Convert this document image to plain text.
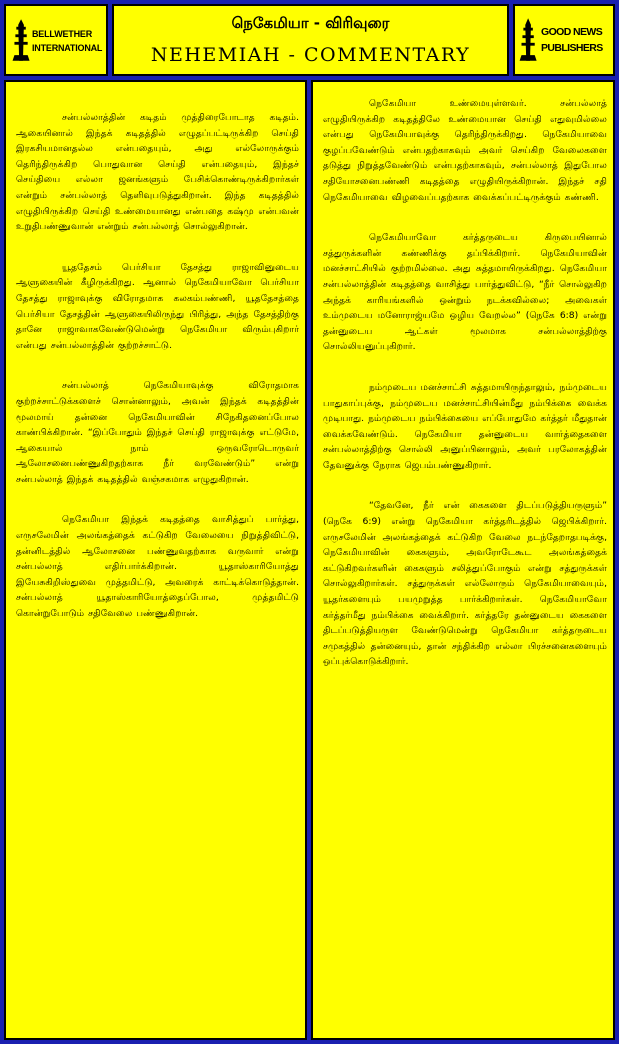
BELLWETHER
INTERNATIONAL
நெகேமியா - விரிவுரை
NEHEMIAH - COMMENTARY
GOOD NEWS
PUBLISHERS

சன்பல்லாத்தின் கடிதம் முத்திரைபோடாத கடிதம். ஆகையினால் இந்தக் கடிதத்தில் எழுதப்பட்டிருக்கிற செய்தி இரகசியமானதல்ல என்பதையும், அது எல்லோருக்கும் தெரிந்திருக்கிற பொதுவான செய்தி என்பதையும், இந்தச் செய்தியை எல்லா ஜனங்களும் பேசிக்கொண்டிருக்கிறார்கள் என்றும் சன்பல்லாத் தெளிவுபடுத்துகிறான். இந்த கடிதத்தில் எழுதியிருக்கிற செய்தி உண்மையானது என்பதை கஷ்மு என்பவன் உறுதிபண்ணுவான் என்றும் சன்பல்லாத் சொல்லுகிறான்.

யூததேசம் பெர்சியா தேசத்து ராஜாவினுடைய ஆளுகையின் கீழிருக்கிறது. ஆனால் நெகேமியாவோ பெர்சியா தேசத்து ராஜாவுக்கு விரோதமாக கலகம்பண்ணி, யூததேசத்தை பெர்சியா தேசத்தின் ஆளுகையிலிருந்து பிரித்து, அந்த தேசத்திற்கு தானே ராஜாவாகவேண்டுமென்று நெகேமியா விரும்புகிறார் என்பது சன்பல்லாத்தின் குற்றச்சாட்டு.

சன்பல்லாத் நெகேமியாவுக்கு விரோதமாக குற்றச்சாட்டுக்களைச் சொன்னாலும், அவன் இந்தக் கடிதத்தின் மூலமாய் தன்னை நெகேமியாவின் சிநேகிதனைப்போல காண்பிக்கிறான். “இப்போதும் இந்தச் செய்தி ராஜாவுக்கு எட்டுமே, ஆகையால் நாம் ஒருவரோடொருவர் ஆலோசனைபண்ணுகிறதற்காக நீர் வரவேண்டும்” என்று சன்பல்லாத் இந்தக் கடிதத்தில் வஞ்சகமாக எழுதுகிறான்.

நெகேமியா இந்தக் கடிதத்தை வாசித்துப் பார்த்து, எருசலேமின் அலங்கத்தைக் கட்டுகிற வேலையை நிறுத்திவிட்டு, தன்னிடத்தில் ஆலோசனை பண்ணுவதற்காக வருவார் என்று சன்பல்லாத் எதிர்பார்க்கிறான். யூதாஸ்காரியோத்து இயேசுகிறிஸ்துவை முத்தமிட்டு, அவரைக் காட்டிக்கொடுத்தான். சன்பல்லாத் யூதாஸ்காரியோத்தைப்போல, முத்தமிட்டு கொன்றுபோடும் சதிவேலை பண்ணுகிறான்.

நெகேமியா உண்மையுள்ளவர். சன்பல்லாத் எழுதியிருக்கிற கடிதத்திலே உண்மையான செய்தி எதுவுமில்லை என்பது நெகேமியாவுக்கு தெரிந்திருக்கிறது. நெகேமியாவை குழப்பவேண்டும் என்பதற்காகவும் அவர் செய்கிற வேலைகளை தடுத்து நிறுத்தவேண்டும் என்பதற்காகவும், சன்பல்லாத் இதுபோல சதியோசனைபண்ணி கடிதத்தை எழுதியிருக்கிறான். இந்தச் சதி நெகேமியாவை விழவைப்பதற்காக வைக்கப்பட்டிருக்கும் கண்ணி.

நெகேமியாவோ கர்த்தருடைய கிருபையினால் சத்துருக்களின் கண்ணிக்கு தப்பிக்கிறார். நெகேமியாவின் மனச்சாட்சியில் குற்றமில்லை. அது சுத்தமாயிருக்கிறது. நெகேமியா சன்பல்லாத்தின் கடிதத்தை வாசித்து பார்த்துவிட்டு, “நீர் சொல்லுகிற அந்தக் காரியங்களில் ஒன்றும் நடக்கவில்லை; அவைகள் உம்முடைய மனோராஜ்யமே ஒழிய வேறல்ல” (நெகே 6:8) என்று தன்னுடைய ஆட்கள் மூலமாக சன்பல்லாத்திற்கு சொல்லியனுப்புகிறார்.

நம்முடைய மனச்சாட்சி சுத்தமாயிருந்தாலும், நம்முடைய பாதுகாப்புக்கு, நம்முடைய மனச்சாட்சியின்மீது நம்பிக்கை வைக்க முடியாது. நம்முடைய நம்பிக்கையை எப்போதுமே கர்த்தர் மீதுதான் வைக்கவேண்டும். நெகேமியா தன்னுடைய வார்த்தைகளை சன்பல்லாத்திற்கு சொல்லி அனுப்பினாலும், அவர் பரலோகத்தின் தேவனுக்கு நேராக ஜெபம்பண்ணுகிறார்.

“தேவனே, நீர் என் கைகளை திடப்படுத்தியருளும்” (நெகே 6:9) என்று நெகேமியா கர்த்தரிடத்தில் ஜெபிக்கிறார். எருசலேமின் அலங்கத்தைக் கட்டுகிற வேலை நடந்தேறாதபடிக்கு, நெகேமியாவின் கைகளும், அவரோடேகூட அலங்கத்தைக் கட்டுகிறவர்களின் கைகளும் சலித்துப்போகும் என்று சத்துருக்கள் சொல்லுகிறார்கள். சத்துருக்கள் எல்லோரும் நெகேமியாவையும், யூதர்களையும் பயமுறுத்த பார்க்கிறார்கள். நெகேமியாவோ கர்த்தர்மீது நம்பிக்கை வைக்கிறார். கர்த்தரே தன்னுடைய கைகளை திடப்படுத்தியருள வேண்டுமென்று நெகேமியா கர்த்தருடைய சமுகத்தில் தன்னையும், தான் சந்திக்கிற எல்லா பிரச்சனைகளையும் ஒப்புக்கொடுக்கிறார்.
